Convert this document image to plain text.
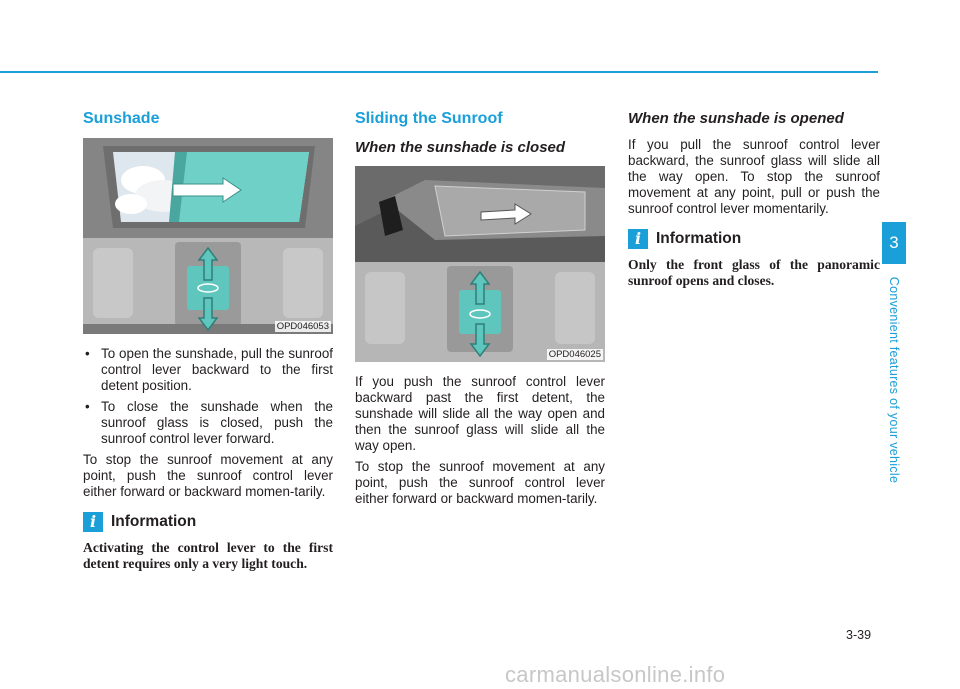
Sunshade
OPD046053
• To open the sunshade, pull the sunroof control lever backward to the first detent position.
• To close the sunshade when the sunroof glass is closed, push the sunroof control lever forward.
To stop the sunroof movement at any point, push the sunroof control lever either forward or backward momen-tarily.
i Information
Activating the control lever to the first detent requires only a very light touch.
Sliding the Sunroof
When the sunshade is closed
OPD046025
If you push the sunroof control lever backward past the first detent, the sunshade will slide all the way open and then the sunroof glass will slide all the way open.
To stop the sunroof movement at any point, push the sunroof control lever either forward or backward momen-tarily.
When the sunshade is opened
If you pull the sunroof control lever backward, the sunroof glass will slide all the way open. To stop the sunroof movement at any point, pull or push the sunroof control lever momentarily.
i Information
Only the front glass of the panoramic sunroof opens and closes.
3
Convenient features of your vehicle
3-39
carmanualsonline.info
